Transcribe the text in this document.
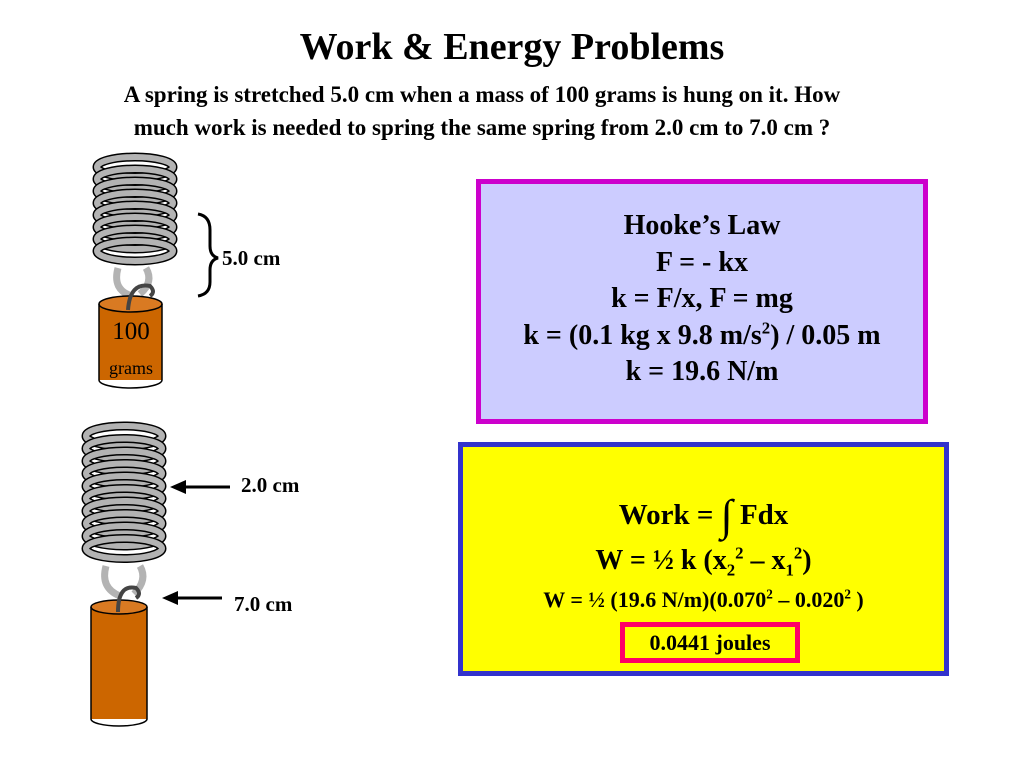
Work & Energy Problems
A spring is stretched 5.0 cm when a mass of 100 grams is hung on it. How
much work is needed to spring the same spring from 2.0 cm to 7.0 cm ?
5.0 cm
100
grams
2.0 cm
7.0 cm
Hooke’s Law
F = - kx
k = F/x, F = mg
k = (0.1 kg x 9.8 $m/s^2) / 0.05$ m
k = 19.6 N/m
Work = ∫ Fdx
W = ½ k $(x_2^2 - x_1^2)$
W = ½ (19.6 N/m)(0.070$^2$ – 0.020$^2$ )
0.0441 joules
